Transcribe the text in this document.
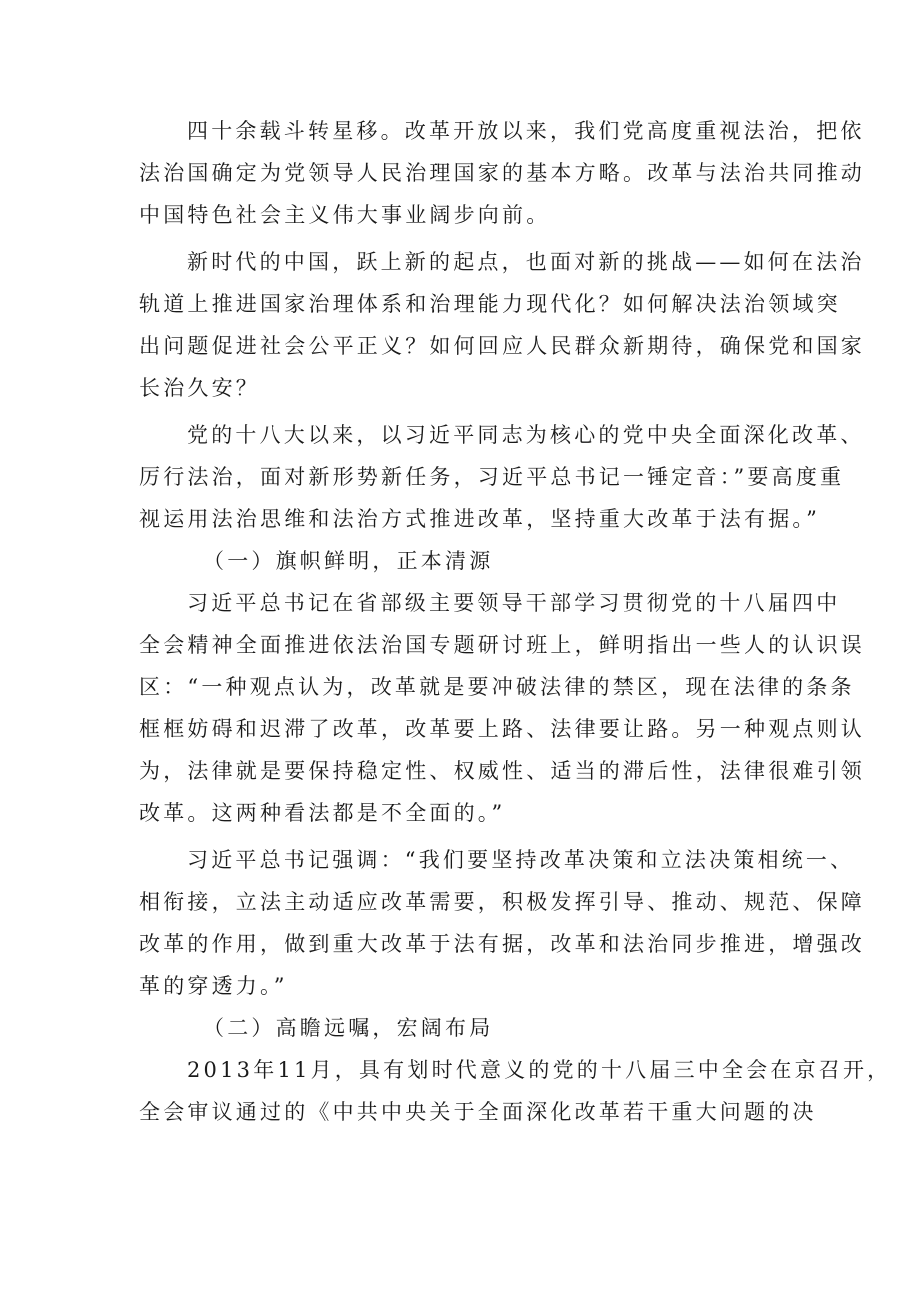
四十余载斗转星移。改革开放以来，我们党高度重视法治，把依
法治国确定为党领导人民治理国家的基本方略。改革与法治共同推动
中国特色社会主义伟大事业阔步向前。
新时代的中国，跃上新的起点，也面对新的挑战——如何在法治
轨道上推进国家治理体系和治理能力现代化？如何解决法治领域突
出问题促进社会公平正义？如何回应人民群众新期待，确保党和国家
长治久安？
党的十八大以来，以习近平同志为核心的党中央全面深化改革、
厉行法治，面对新形势新任务，习近平总书记一锤定音：”要高度重
视运用法治思维和法治方式推进改革，坚持重大改革于法有据。”
（一）旗帜鲜明，正本清源
习近平总书记在省部级主要领导干部学习贯彻党的十八届四中
全会精神全面推进依法治国专题研讨班上，鲜明指出一些人的认识误
区：“一种观点认为，改革就是要冲破法律的禁区，现在法律的条条
框框妨碍和迟滞了改革，改革要上路、法律要让路。另一种观点则认
为，法律就是要保持稳定性、权威性、适当的滞后性，法律很难引领
改革。这两种看法都是不全面的。”
习近平总书记强调：“我们要坚持改革决策和立法决策相统一、
相衔接，立法主动适应改革需要，积极发挥引导、推动、规范、保障
改革的作用，做到重大改革于法有据，改革和法治同步推进，增强改
革的穿透力。”
（二）高瞻远嘱，宏阔布局
2013年11月，具有划时代意义的党的十八届三中全会在京召开，
全会审议通过的《中共中央关于全面深化改革若干重大问题的决
